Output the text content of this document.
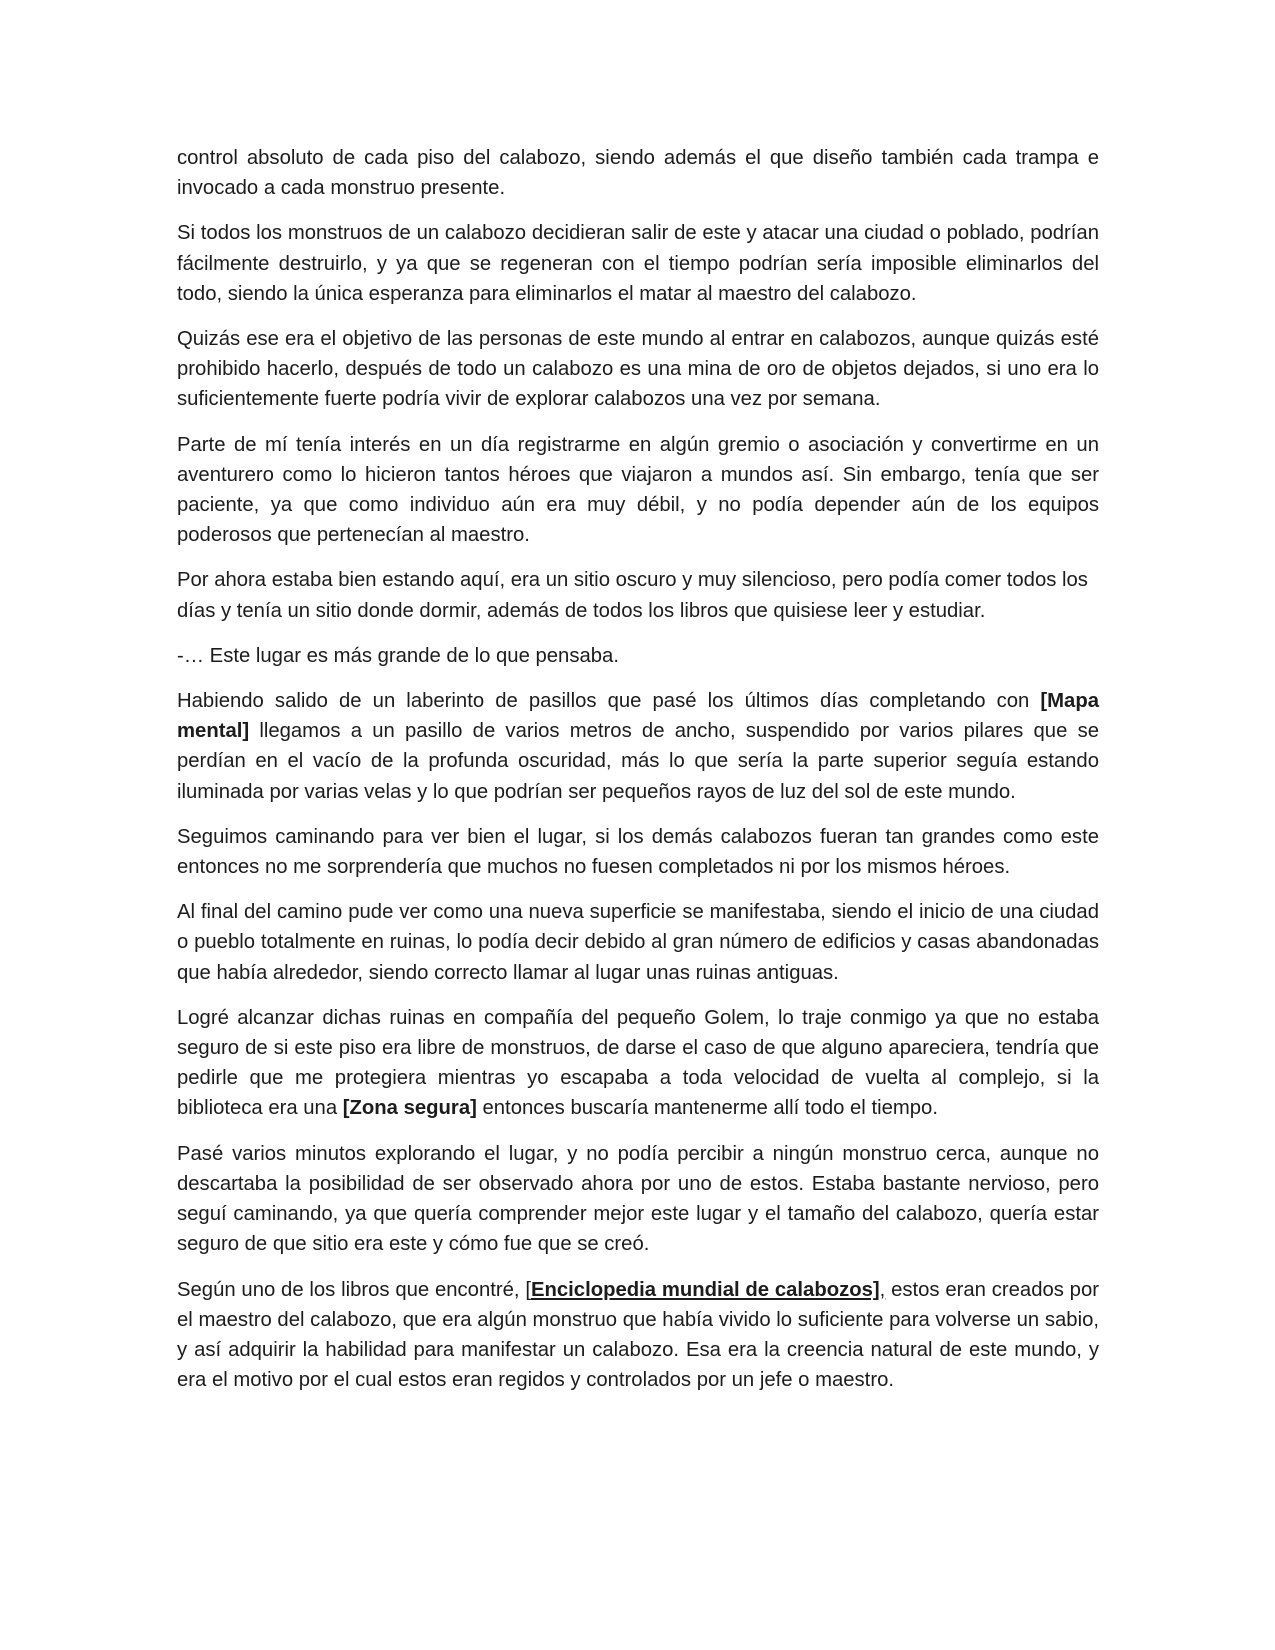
control absoluto de cada piso del calabozo, siendo además el que diseño también cada trampa e invocado a cada monstruo presente.

Si todos los monstruos de un calabozo decidieran salir de este y atacar una ciudad o poblado, podrían fácilmente destruirlo, y ya que se regeneran con el tiempo podrían sería imposible eliminarlos del todo, siendo la única esperanza para eliminarlos el matar al maestro del calabozo.

Quizás ese era el objetivo de las personas de este mundo al entrar en calabozos, aunque quizás esté prohibido hacerlo, después de todo un calabozo es una mina de oro de objetos dejados, si uno era lo suficientemente fuerte podría vivir de explorar calabozos una vez por semana.

Parte de mí tenía interés en un día registrarme en algún gremio o asociación y convertirme en un aventurero como lo hicieron tantos héroes que viajaron a mundos así. Sin embargo, tenía que ser paciente, ya que como individuo aún era muy débil, y no podía depender aún de los equipos poderosos que pertenecían al maestro.

Por ahora estaba bien estando aquí, era un sitio oscuro y muy silencioso, pero podía comer todos los días y tenía un sitio donde dormir, además de todos los libros que quisiese leer y estudiar.

-… Este lugar es más grande de lo que pensaba.

Habiendo salido de un laberinto de pasillos que pasé los últimos días completando con [Mapa mental] llegamos a un pasillo de varios metros de ancho, suspendido por varios pilares que se perdían en el vacío de la profunda oscuridad, más lo que sería la parte superior seguía estando iluminada por varias velas y lo que podrían ser pequeños rayos de luz del sol de este mundo.

Seguimos caminando para ver bien el lugar, si los demás calabozos fueran tan grandes como este entonces no me sorprendería que muchos no fuesen completados ni por los mismos héroes.

Al final del camino pude ver como una nueva superficie se manifestaba, siendo el inicio de una ciudad o pueblo totalmente en ruinas, lo podía decir debido al gran número de edificios y casas abandonadas que había alrededor, siendo correcto llamar al lugar unas ruinas antiguas.

Logré alcanzar dichas ruinas en compañía del pequeño Golem, lo traje conmigo ya que no estaba seguro de si este piso era libre de monstruos, de darse el caso de que alguno apareciera, tendría que pedirle que me protegiera mientras yo escapaba a toda velocidad de vuelta al complejo, si la biblioteca era una [Zona segura] entonces buscaría mantenerme allí todo el tiempo.

Pasé varios minutos explorando el lugar, y no podía percibir a ningún monstruo cerca, aunque no descartaba la posibilidad de ser observado ahora por uno de estos. Estaba bastante nervioso, pero seguí caminando, ya que quería comprender mejor este lugar y el tamaño del calabozo, quería estar seguro de que sitio era este y cómo fue que se creó.

Según uno de los libros que encontré, [Enciclopedia mundial de calabozos], estos eran creados por el maestro del calabozo, que era algún monstruo que había vivido lo suficiente para volverse un sabio, y así adquirir la habilidad para manifestar un calabozo. Esa era la creencia natural de este mundo, y era el motivo por el cual estos eran regidos y controlados por un jefe o maestro.
